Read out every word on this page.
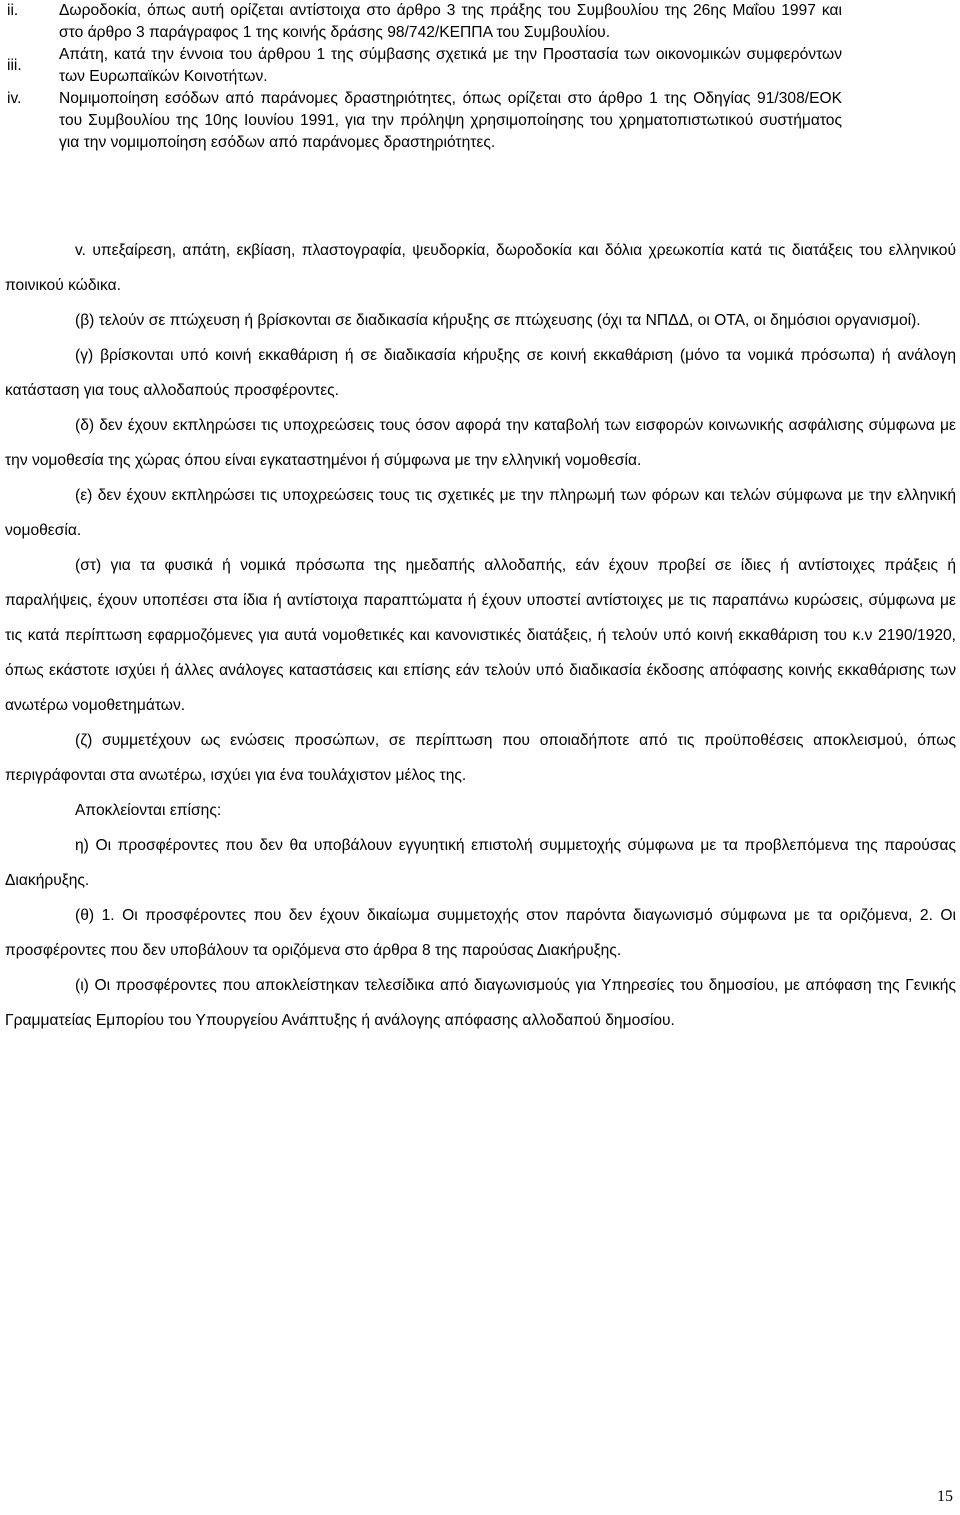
ii.	Δωροδοκία, όπως αυτή ορίζεται αντίστοιχα στο άρθρο 3 της πράξης του Συμβουλίου της 26ης Μαΐου 1997 και στο άρθρο 3 παράγραφος 1 της κοινής δράσης 98/742/ΚΕΠΠΑ του Συμβουλίου.
iii.
Απάτη, κατά την έννοια του άρθρου 1 της σύμβασης σχετικά με την Προστασία των οικονομικών συμφερόντων των Ευρωπαϊκών Κοινοτήτων.
iv. Νομιμοποίηση εσόδων από παράνομες δραστηριότητες, όπως ορίζεται στο άρθρο 1 της Οδηγίας 91/308/ΕΟΚ του Συμβουλίου της 10ης Ιουνίου 1991, για την πρόληψη χρησιμοποίησης του χρηματοπιστωτικού συστήματος για την νομιμοποίηση εσόδων από παράνομες δραστηριότητες.

v. υπεξαίρεση, απάτη, εκβίαση, πλαστογραφία, ψευδορκία, δωροδοκία και δόλια χρεωκοπία κατά τις διατάξεις του ελληνικού ποινικού κώδικα.

(β) τελούν σε πτώχευση ή βρίσκονται σε διαδικασία κήρυξης σε πτώχευσης (όχι τα ΝΠΔΔ, οι ΟΤΑ, οι δημόσιοι οργανισμοί).

(γ) βρίσκονται υπό κοινή εκκαθάριση ή σε διαδικασία κήρυξης σε κοινή εκκαθάριση (μόνο τα νομικά πρόσωπα) ή ανάλογη κατάσταση για τους αλλοδαπούς προσφέροντες.

(δ) δεν έχουν εκπληρώσει τις υποχρεώσεις τους όσον αφορά την καταβολή των εισφορών κοινωνικής ασφάλισης σύμφωνα με την νομοθεσία της χώρας όπου είναι εγκαταστημένοι ή σύμφωνα με την ελληνική νομοθεσία.

(ε) δεν έχουν εκπληρώσει τις υποχρεώσεις τους τις σχετικές με την πληρωμή των φόρων και τελών σύμφωνα με την ελληνική νομοθεσία.

(στ) για τα φυσικά ή νομικά πρόσωπα της ημεδαπής αλλοδαπής, εάν έχουν προβεί σε ίδιες ή αντίστοιχες πράξεις ή παραλήψεις, έχουν υποπέσει στα ίδια ή αντίστοιχα παραπτώματα ή έχουν υποστεί αντίστοιχες με τις παραπάνω κυρώσεις, σύμφωνα με τις κατά περίπτωση εφαρμοζόμενες για αυτά νομοθετικές και κανονιστικές διατάξεις, ή τελούν υπό κοινή εκκαθάριση του κ.ν 2190/1920, όπως εκάστοτε ισχύει ή άλλες ανάλογες καταστάσεις και επίσης εάν τελούν υπό διαδικασία έκδοσης απόφασης κοινής εκκαθάρισης των ανωτέρω νομοθετημάτων.

(ζ) συμμετέχουν ως ενώσεις προσώπων, σε περίπτωση που οποιαδήποτε από τις προϋποθέσεις αποκλεισμού, όπως περιγράφονται στα ανωτέρω, ισχύει για ένα τουλάχιστον μέλος της.

Αποκλείονται επίσης:

η) Οι προσφέροντες που δεν θα υποβάλουν εγγυητική επιστολή συμμετοχής σύμφωνα με τα προβλεπόμενα της παρούσας Διακήρυξης.

(θ) 1. Οι προσφέροντες που δεν έχουν δικαίωμα συμμετοχής στον παρόντα διαγωνισμό σύμφωνα με τα οριζόμενα, 2. Οι προσφέροντες που δεν υποβάλουν τα οριζόμενα στο άρθρα 8 της παρούσας Διακήρυξης.

(ι) Οι προσφέροντες που αποκλείστηκαν τελεσίδικα από διαγωνισμούς για Υπηρεσίες του δημοσίου, με απόφαση της Γενικής Γραμματείας Εμπορίου του Υπουργείου Ανάπτυξης ή ανάλογης απόφασης αλλοδαπού δημοσίου.

15
